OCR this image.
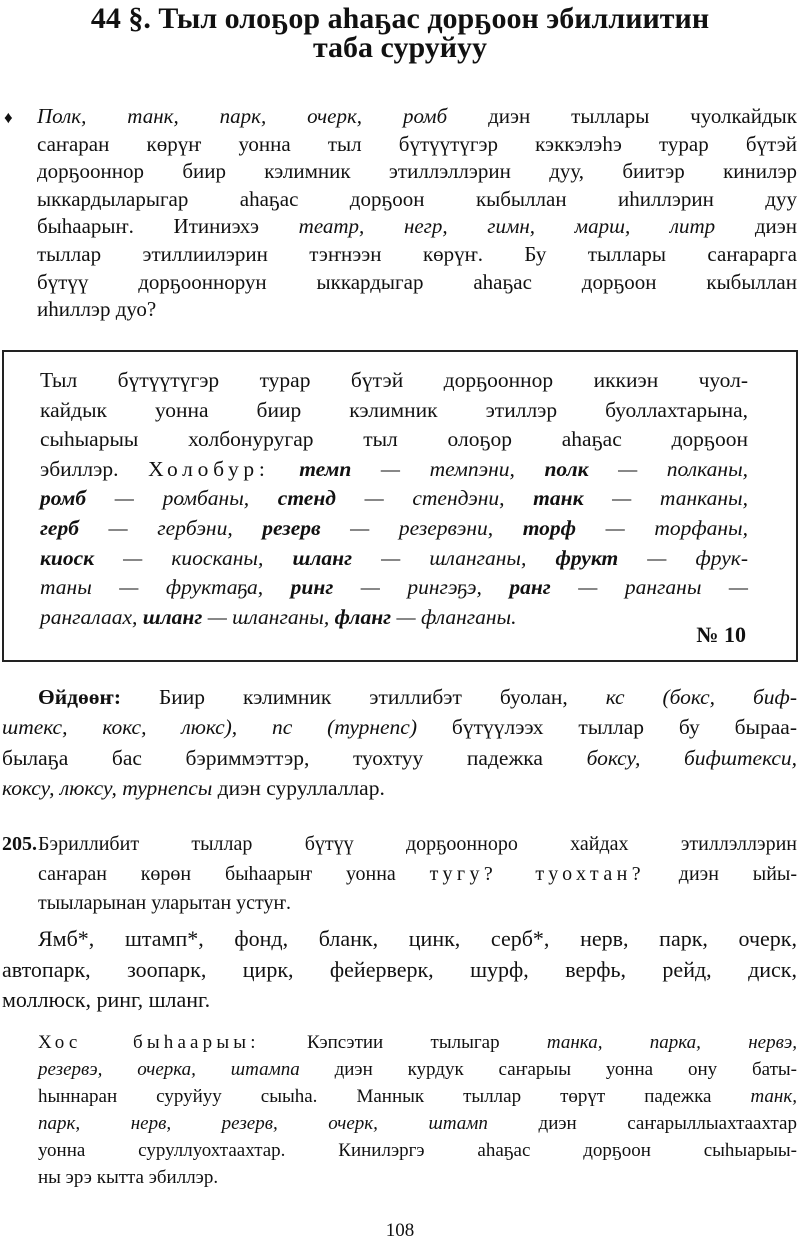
44 §. Тыл олоҕор аһаҕас дорҕоон эбиллиитин
таба суруйуу
♦ Полк, танк, парк, очерк, ромб диэн тыллары чуолкайдык
саҥаран көрүҥ уонна тыл бүтүүтүгэр кэккэлэһэ турар бүтэй
дорҕооннор биир кэлимник этиллэллэрин дуу, биитэр кинилэр
ыккардыларыгар аһаҕас дорҕоон кыбыллан иһиллэрин дуу
быһаарыҥ. Итиниэхэ театр, негр, гимн, марш, литр диэн
тыллар этиллиилэрин тэҥнээн көрүҥ. Бу тыллары саҥарарга
бүтүү дорҕооннорун ыккардыгар аһаҕас дорҕоон кыбыллан
иһиллэр дуо?
Тыл бүтүүтүгэр турар бүтэй дорҕооннор иккиэн чуол-
кайдык уонна биир кэлимник этиллэр буоллахтарына,
сыһыарыы холбонуругар тыл олоҕор аһаҕас дорҕоон
эбиллэр. Холобур: темп — темпэни, полк — полканы,
ромб — ромбаны, стенд — стендэни, танк — танканы,
герб — гербэни, резерв — резервэни, торф — торфаны,
киоск — киосканы, шланг — шланганы, фрукт — фрук-
таны — фруктаҕа, ринг — рингэҕэ, ранг — ранганы —
рангалаах, шланг — шланганы, фланг — фланганы.
№ 10
Өйдөөҥ: Биир кэлимник этиллибэт буолан, кс (бокс, биф-
штекс, кокс, люкс), пс (турнепс) бүтүүлээх тыллар бу быраа-
былаҕа бас бэриммэттэр, туохтуу падежка боксу, бифштекси,
коксу, люксу, турнепсы диэн суруллаллар.
205. Бэриллибит тыллар бүтүү дорҕооннoро хайдах этиллэллэрин
саҥаран көрөн быһаарыҥ уонна тугу? туохтан? диэн ыйы-
тыыларынан уларытан устуҥ.
Ямб*, штамп*, фонд, бланк, цинк, серб*, нерв, парк, очерк,
автопарк, зоопарк, цирк, фейерверк, шурф, верфь, рейд, диск,
моллюск, ринг, шланг.
Хос быһаарыы: Кэпсэтии тылыгар танка, парка, нервэ,
резервэ, очерка, штампа диэн курдук саҥарыы уонна ону баты-
һыннаран суруйуу сыыһа. Маннык тыллар төрүт падежка танк,
парк, нерв, резерв, очерк, штамп диэн саҥарыллыахтаахтар
уонна суруллуохтаахтар. Кинилэргэ аһаҕас дорҕоон сыһыарыы-
ны эрэ кытта эбиллэр.
108
